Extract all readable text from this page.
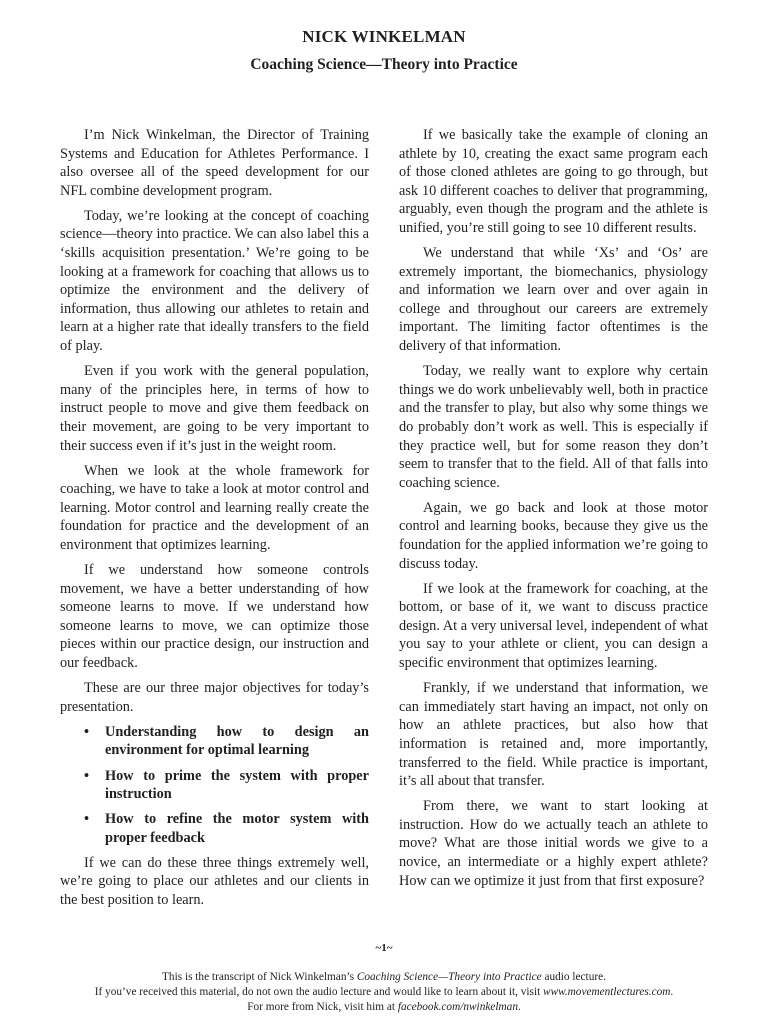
NICK WINKELMAN
Coaching Science—Theory into Practice

I’m Nick Winkelman, the Director of Training Systems and Education for Athletes Performance. I also oversee all of the speed development for our NFL combine development program.

Today, we’re looking at the concept of coaching science—theory into practice. We can also label this a ‘skills acquisition presentation.’ We’re going to be looking at a framework for coaching that allows us to optimize the environment and the delivery of information, thus allowing our athletes to retain and learn at a higher rate that ideally transfers to the field of play.

Even if you work with the general population, many of the principles here, in terms of how to instruct people to move and give them feedback on their movement, are going to be very important to their success even if it’s just in the weight room.

When we look at the whole framework for coaching, we have to take a look at motor control and learning. Motor control and learning really create the foundation for practice and the development of an environment that optimizes learning.

If we understand how someone controls movement, we have a better understanding of how someone learns to move. If we understand how someone learns to move, we can optimize those pieces within our practice design, our instruction and our feedback.

These are our three major objectives for today’s presentation.

• Understanding how to design an environment for optimal learning
• How to prime the system with proper instruction
• How to refine the motor system with proper feedback

If we can do these three things extremely well, we’re going to place our athletes and our clients in the best position to learn.

If we basically take the example of cloning an athlete by 10, creating the exact same program each of those cloned athletes are going to go through, but ask 10 different coaches to deliver that programming, arguably, even though the program and the athlete is unified, you’re still going to see 10 different results.

We understand that while ‘Xs’ and ‘Os’ are extremely important, the biomechanics, physiology and information we learn over and over again in college and throughout our careers are extremely important. The limiting factor oftentimes is the delivery of that information.

Today, we really want to explore why certain things we do work unbelievably well, both in practice and the transfer to play, but also why some things we do probably don’t work as well. This is especially if they practice well, but for some reason they don’t seem to transfer that to the field. All of that falls into coaching science.

Again, we go back and look at those motor control and learning books, because they give us the foundation for the applied information we’re going to discuss today.

If we look at the framework for coaching, at the bottom, or base of it, we want to discuss practice design. At a very universal level, independent of what you say to your athlete or client, you can design a specific environment that optimizes learning.

Frankly, if we understand that information, we can immediately start having an impact, not only on how an athlete practices, but also how that information is retained and, more importantly, transferred to the field. While practice is important, it’s all about that transfer.

From there, we want to start looking at instruction. How do we actually teach an athlete to move? What are those initial words we give to a novice, an intermediate or a highly expert athlete? How can we optimize it just from that first exposure?

~1~
This is the transcript of Nick Winkelman’s Coaching Science—Theory into Practice audio lecture.
If you’ve received this material, do not own the audio lecture and would like to learn about it, visit www.movementlectures.com.
For more from Nick, visit him at facebook.com/nwinkelman.
